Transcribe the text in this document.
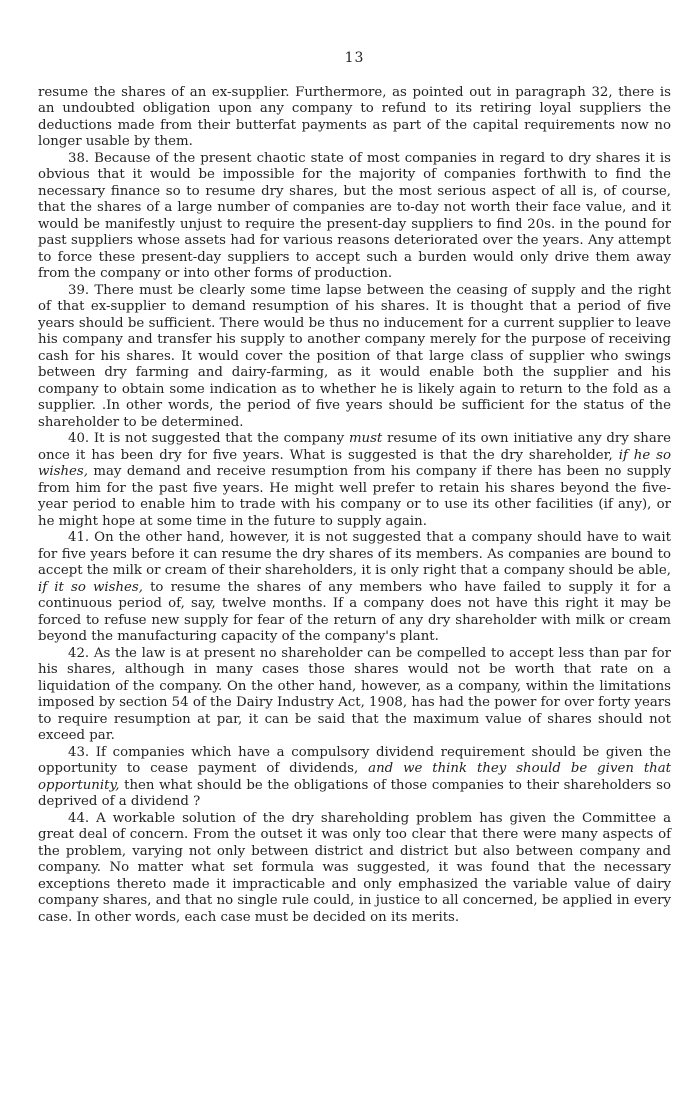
13

resume the shares of an ex-supplier. Furthermore, as pointed out in paragraph 32, there is an undoubted obligation upon any company to refund to its retiring loyal suppliers the deductions made from their butterfat payments as part of the capital requirements now no longer usable by them.

38. Because of the present chaotic state of most companies in regard to dry shares it is obvious that it would be impossible for the majority of companies forthwith to find the necessary finance so to resume dry shares, but the most serious aspect of all is, of course, that the shares of a large number of companies are to-day not worth their face value, and it would be manifestly unjust to require the present-day suppliers to find 20s. in the pound for past suppliers whose assets had for various reasons deteriorated over the years. Any attempt to force these present-day suppliers to accept such a burden would only drive them away from the company or into other forms of production.

39. There must be clearly some time lapse between the ceasing of supply and the right of that ex-supplier to demand resumption of his shares. It is thought that a period of five years should be sufficient. There would be thus no inducement for a current supplier to leave his company and transfer his supply to another company merely for the purpose of receiving cash for his shares. It would cover the position of that large class of supplier who swings between dry farming and dairy-farming, as it would enable both the supplier and his company to obtain some indication as to whether he is likely again to return to the fold as a supplier. .In other words, the period of five years should be sufficient for the status of the shareholder to be determined.

40. It is not suggested that the company must resume of its own initiative any dry share once it has been dry for five years. What is suggested is that the dry shareholder, if he so wishes, may demand and receive resumption from his company if there has been no supply from him for the past five years. He might well prefer to retain his shares beyond the five-year period to enable him to trade with his company or to use its other facilities (if any), or he might hope at some time in the future to supply again.

41. On the other hand, however, it is not suggested that a company should have to wait for five years before it can resume the dry shares of its members. As companies are bound to accept the milk or cream of their shareholders, it is only right that a company should be able, if it so wishes, to resume the shares of any members who have failed to supply it for a continuous period of, say, twelve months. If a company does not have this right it may be forced to refuse new supply for fear of the return of any dry shareholder with milk or cream beyond the manufacturing capacity of the company's plant.

42. As the law is at present no shareholder can be compelled to accept less than par for his shares, although in many cases those shares would not be worth that rate on a liquidation of the company. On the other hand, however, as a company, within the limitations imposed by section 54 of the Dairy Industry Act, 1908, has had the power for over forty years to require resumption at par, it can be said that the maximum value of shares should not exceed par.

43. If companies which have a compulsory dividend requirement should be given the opportunity to cease payment of dividends, and we think they should be given that opportunity, then what should be the obligations of those companies to their shareholders so deprived of a dividend ?

44. A workable solution of the dry shareholding problem has given the Committee a great deal of concern. From the outset it was only too clear that there were many aspects of the problem, varying not only between district and district but also between company and company. No matter what set formula was suggested, it was found that the necessary exceptions thereto made it impracticable and only emphasized the variable value of dairy company shares, and that no single rule could, in justice to all concerned, be applied in every case. In other words, each case must be decided on its merits.
